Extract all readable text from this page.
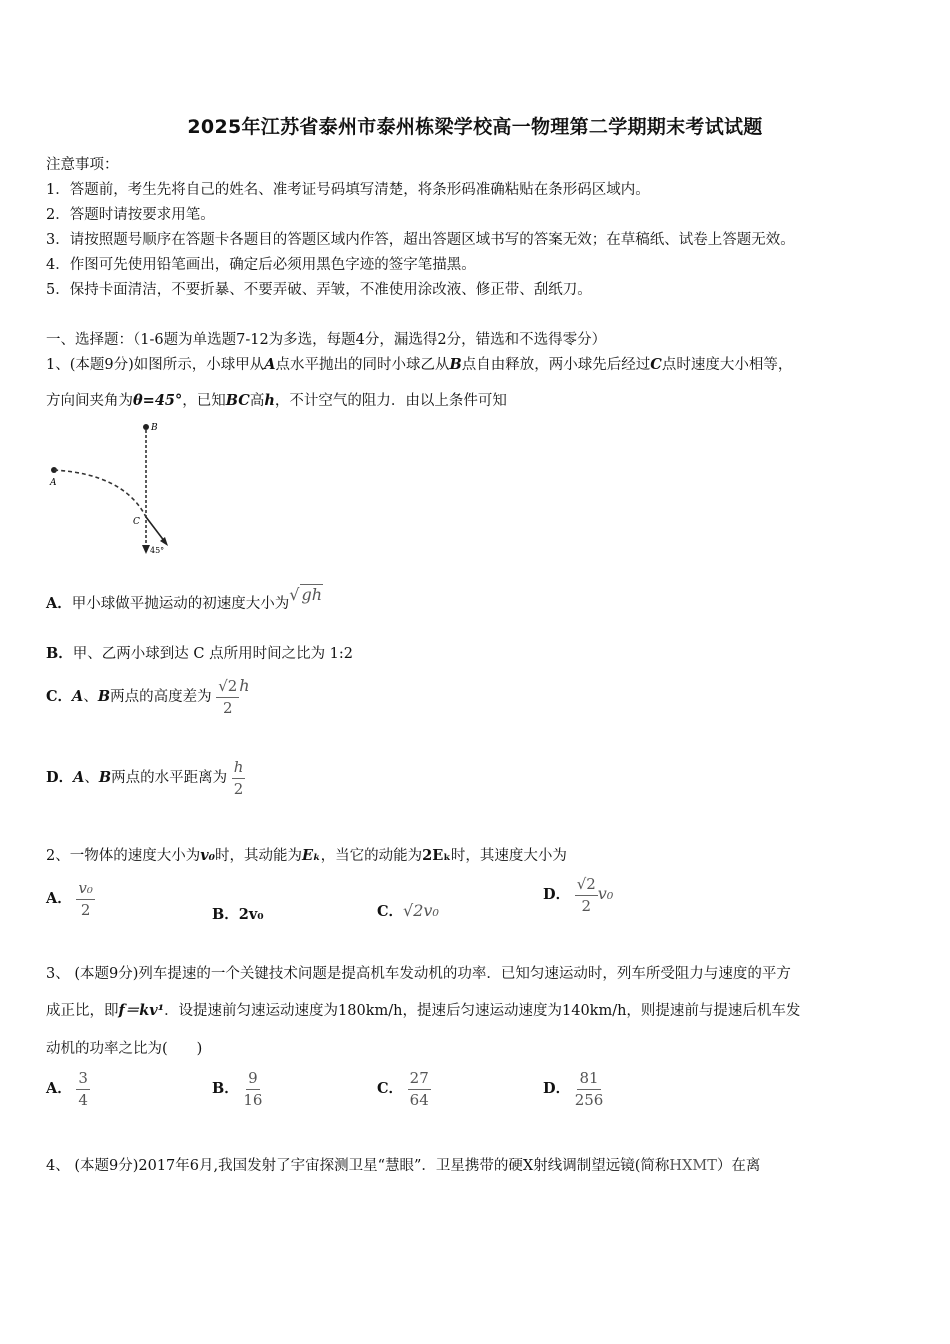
2025年江苏省泰州市泰州栋梁学校高一物理第二学期期末考试试题
注意事项：
1．答题前，考生先将自己的姓名、准考证号码填写清楚，将条形码准确粘贴在条形码区域内。
2．答题时请按要求用笔。
3．请按照题号顺序在答题卡各题目的答题区域内作答，超出答题区域书写的答案无效；在草稿纸、试卷上答题无效。
4．作图可先使用铅笔画出，确定后必须用黑色字迹的签字笔描黑。
5．保持卡面清洁，不要折暴、不要弄破、弄皱，不准使用涂改液、修正带、刮纸刀。
一、选择题：（1-6题为单选题7-12为多选，每题4分，漏选得2分，错选和不选得零分）
1、(本题9分)如图所示，小球甲从A点水平抛出的同时小球乙从B点自由释放，两小球先后经过C点时速度大小相等，
方向间夹角为θ=45°，已知BC高h，不计空气的阻力．由以上条件可知
B
A
C
45°
A．甲小球做平抛运动的初速度大小为√ gh
B．甲、乙两小球到达 C 点所用时间之比为 1:2
C．A、B两点的高度差为 $\frac{√2}{2}$ h
D．A、B两点的水平距离为 $\frac{h}{2}$
2、一物体的速度大小为v₀时，其动能为Eₖ，当它的动能为2Eₖ时，其速度大小为
A． $\frac{\text{v₀}}{2}$	B．2v₀	C．√2v₀
D． $\frac{√2}{2} v_0$
3、 (本题9分)列车提速的一个关键技术问题是提高机车发动机的功率．已知匀速运动时，列车所受阻力与速度的平方
成正比，即f＝kv¹．设提速前匀速运动速度为180km/h，提速后匀速运动速度为140km/h，则提速前与提速后机车发
动机的功率之比为(　　)
A． $\frac{3}{4}$	B． $\frac{9}{16}$	C． $\frac{27}{64}$	D． $\frac{81}{256}$
4、 (本题9分)2017年6月,我国发射了宇宙探测卫星“慧眼”．卫星携带的硬X射线调制望远镜(简称HXMT）在离
